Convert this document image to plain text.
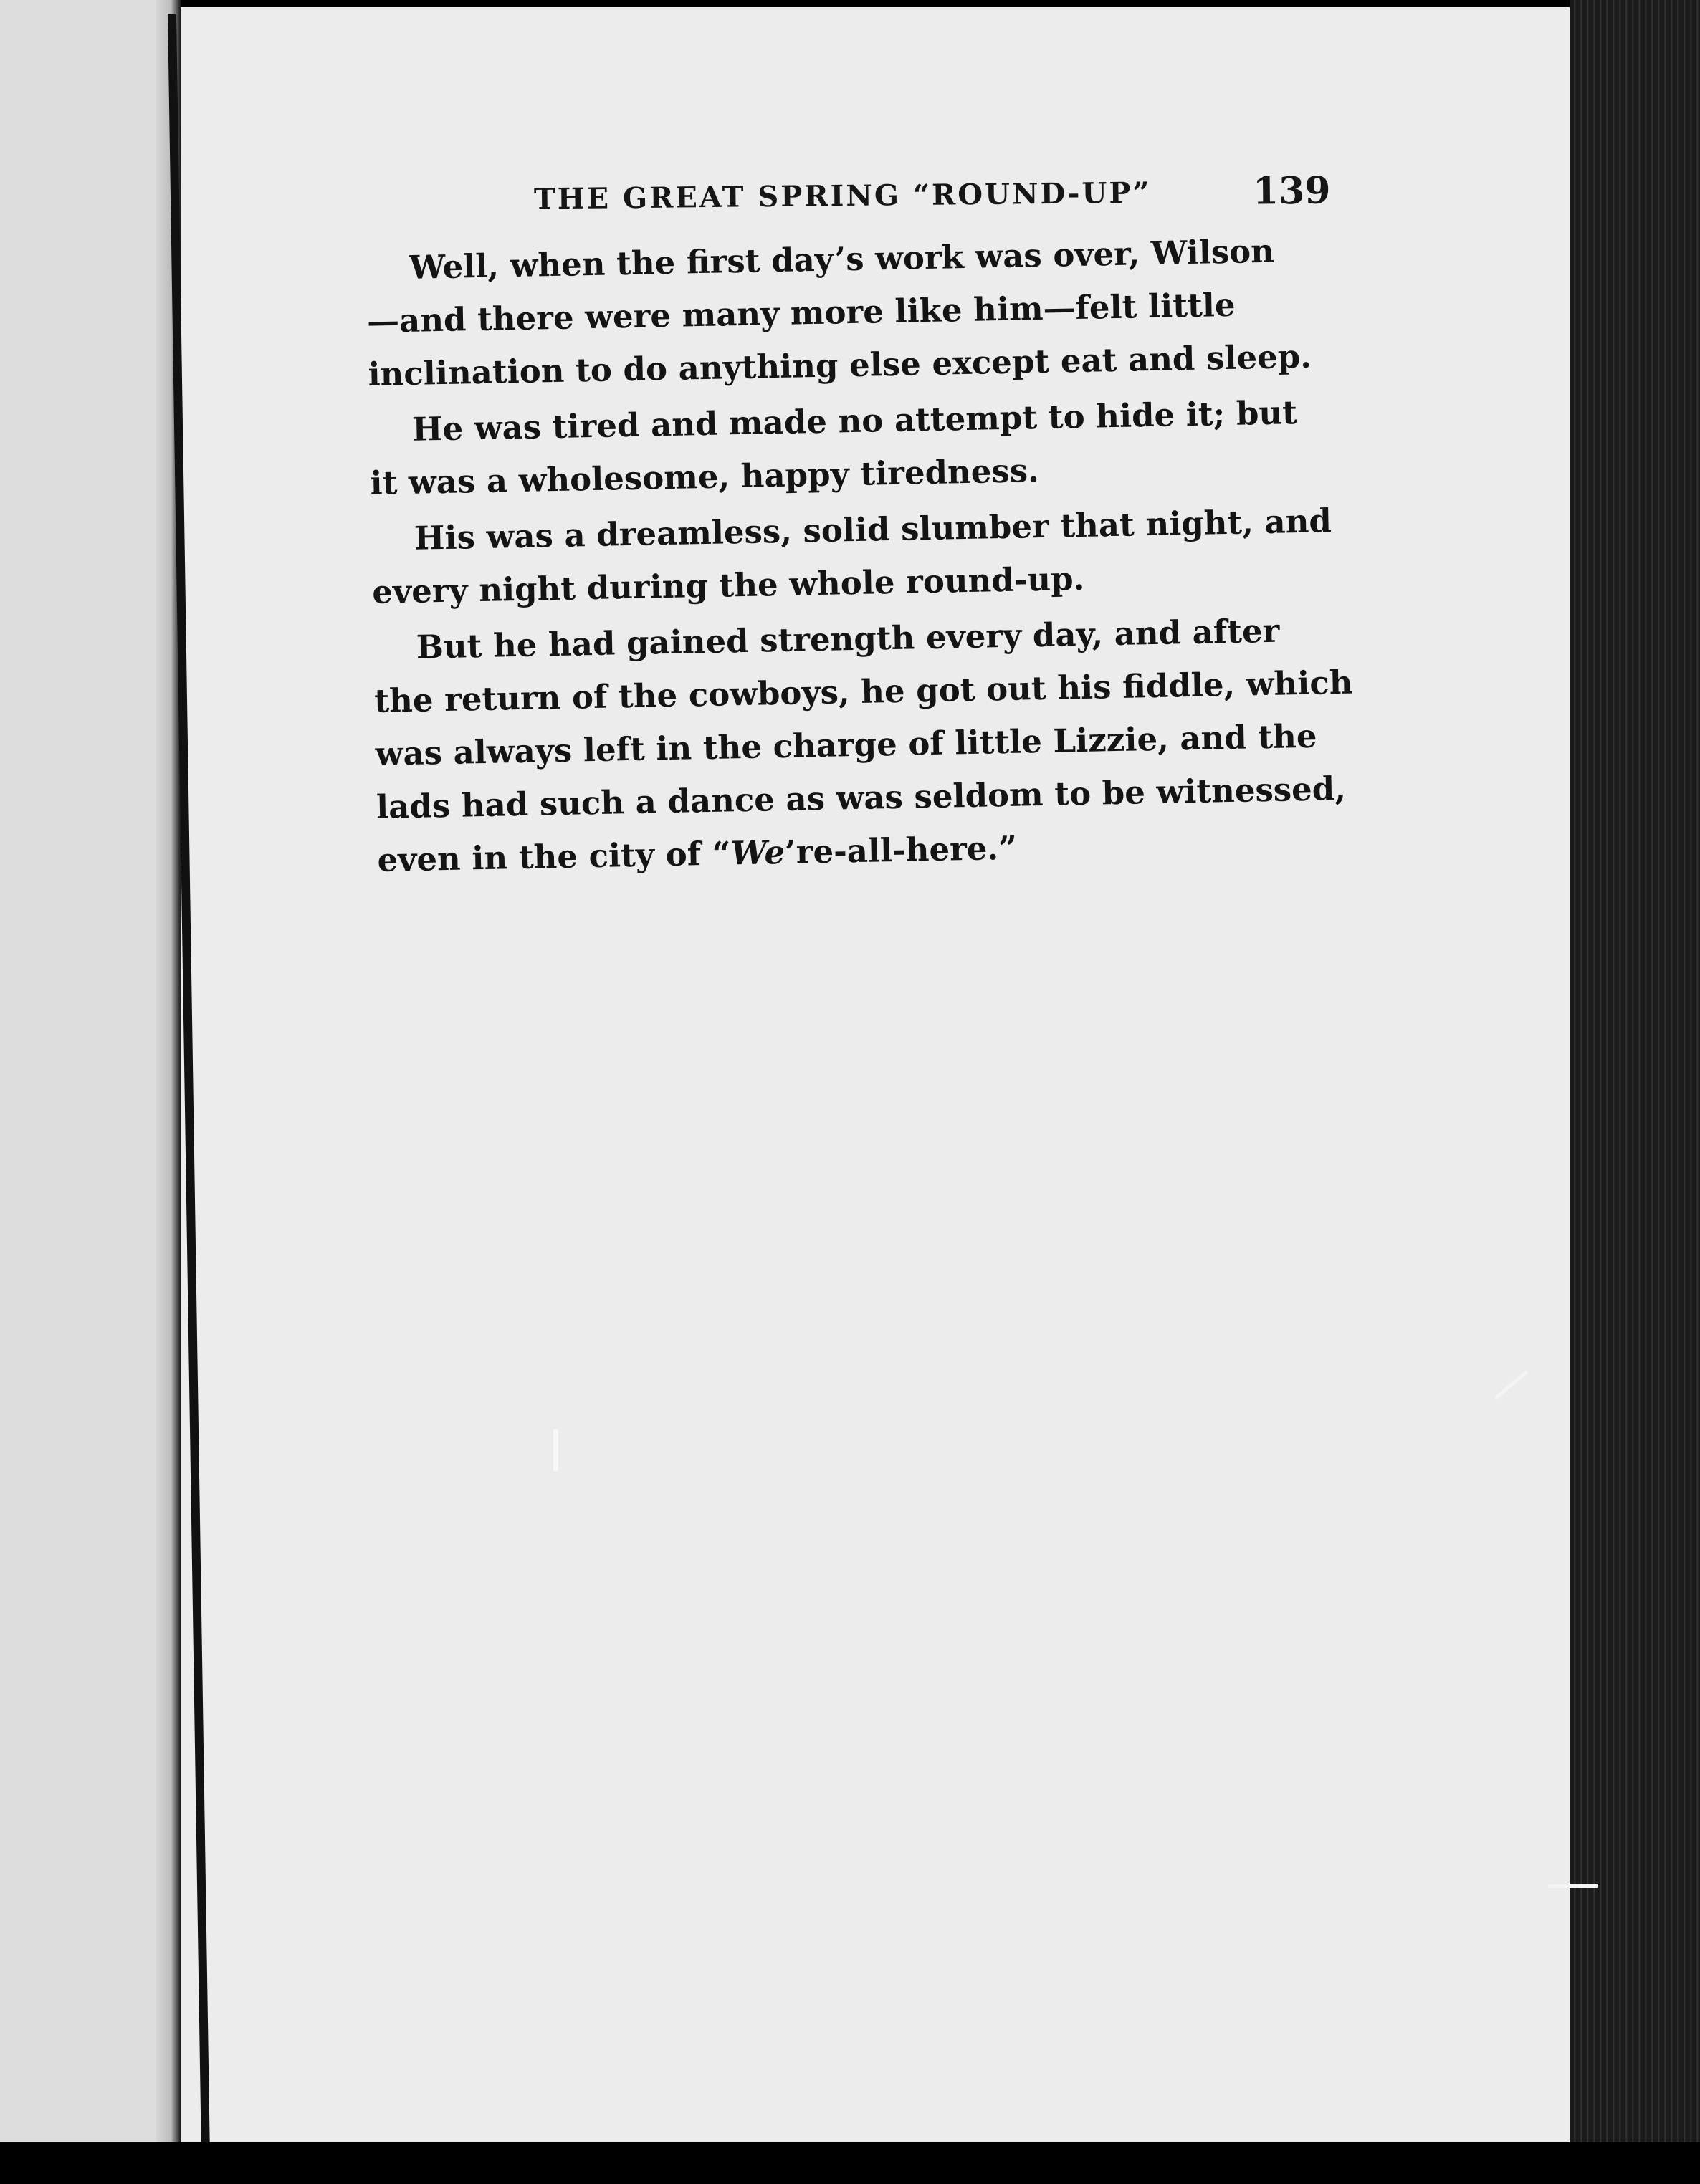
THE GREAT SPRING “ROUND-UP”	139

Well, when the first day’s work was over, Wilson
—and there were many more like him—felt little
inclination to do anything else except eat and sleep.

He was tired and made no attempt to hide it; but
it was a wholesome, happy tiredness.

His was a dreamless, solid slumber that night, and
every night during the whole round-up.

But he had gained strength every day, and after
the return of the cowboys, he got out his fiddle, which
was always left in the charge of little Lizzie, and the
lads had such a dance as was seldom to be witnessed,
even in the city of “We’re-all-here.”
